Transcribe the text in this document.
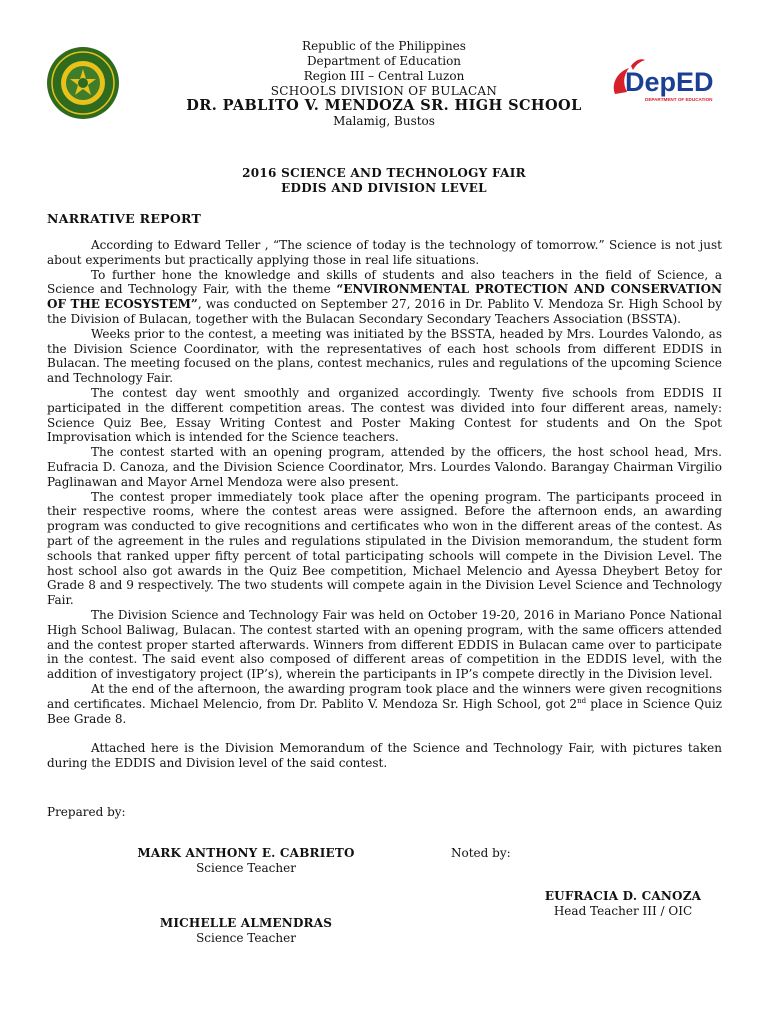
DepED
DEPARTMENT OF EDUCATION
Republic of the Philippines
Department of Education
Region III – Central Luzon
SCHOOLS DIVISION OF BULACAN
DR. PABLITO V. MENDOZA SR. HIGH SCHOOL
Malamig, Bustos
2016 SCIENCE AND TECHNOLOGY FAIR
EDDIS AND DIVISION LEVEL
NARRATIVE REPORT

According to Edward Teller , “The science of today is the technology of tomorrow.” Science is not just about experiments but practically applying those in real life situations.

To further hone the knowledge and skills of students and also teachers in the field of Science, a Science and Technology Fair, with the theme “ENVIRONMENTAL PROTECTION AND CONSERVATION OF THE ECOSYSTEM”, was conducted on September 27, 2016 in Dr. Pablito V. Mendoza Sr. High School by the Division of Bulacan, together with the Bulacan Secondary Secondary Teachers Association (BSSTA).

Weeks prior to the contest, a meeting was initiated by the BSSTA, headed by Mrs. Lourdes Valondo, as the Division Science Coordinator, with the representatives of each host schools from different EDDIS in Bulacan. The meeting focused on the plans, contest mechanics, rules and regulations of the upcoming Science and Technology Fair.

The contest day went smoothly and organized accordingly. Twenty five schools from EDDIS II participated in the different competition areas. The contest was divided into four different areas, namely: Science Quiz Bee, Essay Writing Contest and Poster Making Contest for students and On the Spot Improvisation which is intended for the Science teachers.

The contest started with an opening program, attended by the officers, the host school head, Mrs. Eufracia D. Canoza, and the Division Science Coordinator, Mrs. Lourdes Valondo. Barangay Chairman Virgilio Paglinawan and Mayor Arnel Mendoza were also present.

The contest proper immediately took place after the opening program. The participants proceed in their respective rooms, where the contest areas were assigned. Before the afternoon ends, an awarding program was conducted to give recognitions and certificates who won in the different areas of the contest. As part of the agreement in the rules and regulations stipulated in the Division memorandum, the student form schools that ranked upper fifty percent of total participating schools will compete in the Division Level. The host school also got awards in the Quiz Bee competition, Michael Melencio and Ayessa Dheybert Betoy for Grade 8 and 9 respectively. The two students will compete again in the Division Level Science and Technology Fair.

The Division Science and Technology Fair was held on October 19-20, 2016 in Mariano Ponce National High School Baliwag, Bulacan. The contest started with an opening program, with the same officers attended and the contest proper started afterwards. Winners from different EDDIS in Bulacan came over to participate in the contest. The said event also composed of different areas of competition in the EDDIS level, with the addition of investigatory project (IP’s), wherein the participants in IP’s compete directly in the Division level.

At the end of the afternoon, the awarding program took place and the winners were given recognitions and certificates. Michael Melencio, from Dr. Pablito V. Mendoza Sr. High School, got 2nd place in Science Quiz Bee Grade 8.

Attached here is the Division Memorandum of the Science and Technology Fair, with pictures taken during the EDDIS and Division level of the said contest.

Prepared by:
Noted by:
MARK ANTHONY E. CABRIETO
Science Teacher
MICHELLE ALMENDRAS
Science Teacher
EUFRACIA D. CANOZA
Head Teacher III / OIC
